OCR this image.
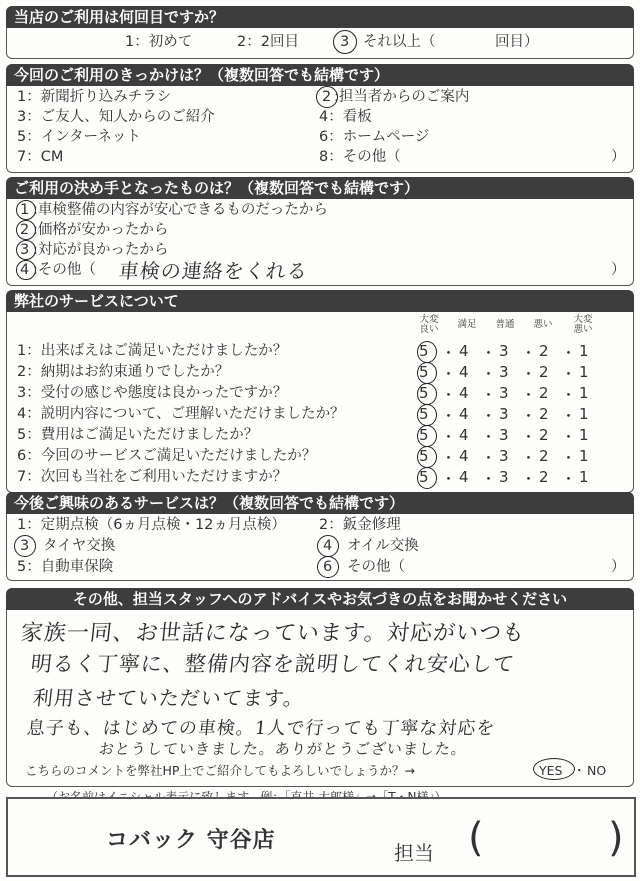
当店のご利用は何回目ですか？
1：初めて	2：2回目	3 それ以上（	回目）
今回のご利用のきっかけは？（複数回答でも結構です）
1：新聞折り込みチラシ
3：ご友人、知人からのご紹介
5：インターネット
7：CM
2 :担当者からのご案内
4：看板
6：ホームページ
8：その他（	）
ご利用の決め手となったものは？（複数回答でも結構です）
1 :車検整備の内容が安心できるものだったから
2 :価格が安かったから
3 :対応が良かったから
4 :その他（ 車検の連絡をくれる	）
弊社のサービスについて
大変
良い	満足	普通	悪い	大変
悪い
1：出来ばえはご満足いただけましたか？	5 ・ 4 ・ 3 ・ 2 ・ 1
2：納期はお約束通りでしたか？	5 ・ 4 ・ 3 ・ 2 ・ 1
3：受付の感じや態度は良かったですか？	5 ・ 4 ・ 3 ・ 2 ・ 1
4：説明内容について、ご理解いただけましたか？	5 ・ 4 ・ 3 ・ 2 ・ 1
5：費用はご満足いただけましたか？	5 ・ 4 ・ 3 ・ 2 ・ 1
6：今回のサービスご満足いただけましたか？	5 ・ 4 ・ 3 ・ 2 ・ 1
7：次回も当社をご利用いただけますか？	5 ・ 4 ・ 3 ・ 2 ・ 1
今後ご興味のあるサービスは？（複数回答でも結構です）
1：定期点検（6ヵ月点検・12ヵ月点検） 2：鈑金修理
3 タイヤ交換	4 オイル交換
5：自動車保険	6 その他（	）
その他、担当スタッフへのアドバイスやお気づきの点をお聞かせください
家族一同、お世話になっています。対応がいつも
明るく丁寧に、整備内容を説明してくれ安心して
利用させていただいてます。
息子も、はじめての車検。1人で行っても丁寧な対応を
おとうしていきました。ありがとうございました。
こちらのコメントを弊社HP上でご紹介してもよろしいでしょうか？→	YES ・ NO
コバック 守谷店	担当 (	)
